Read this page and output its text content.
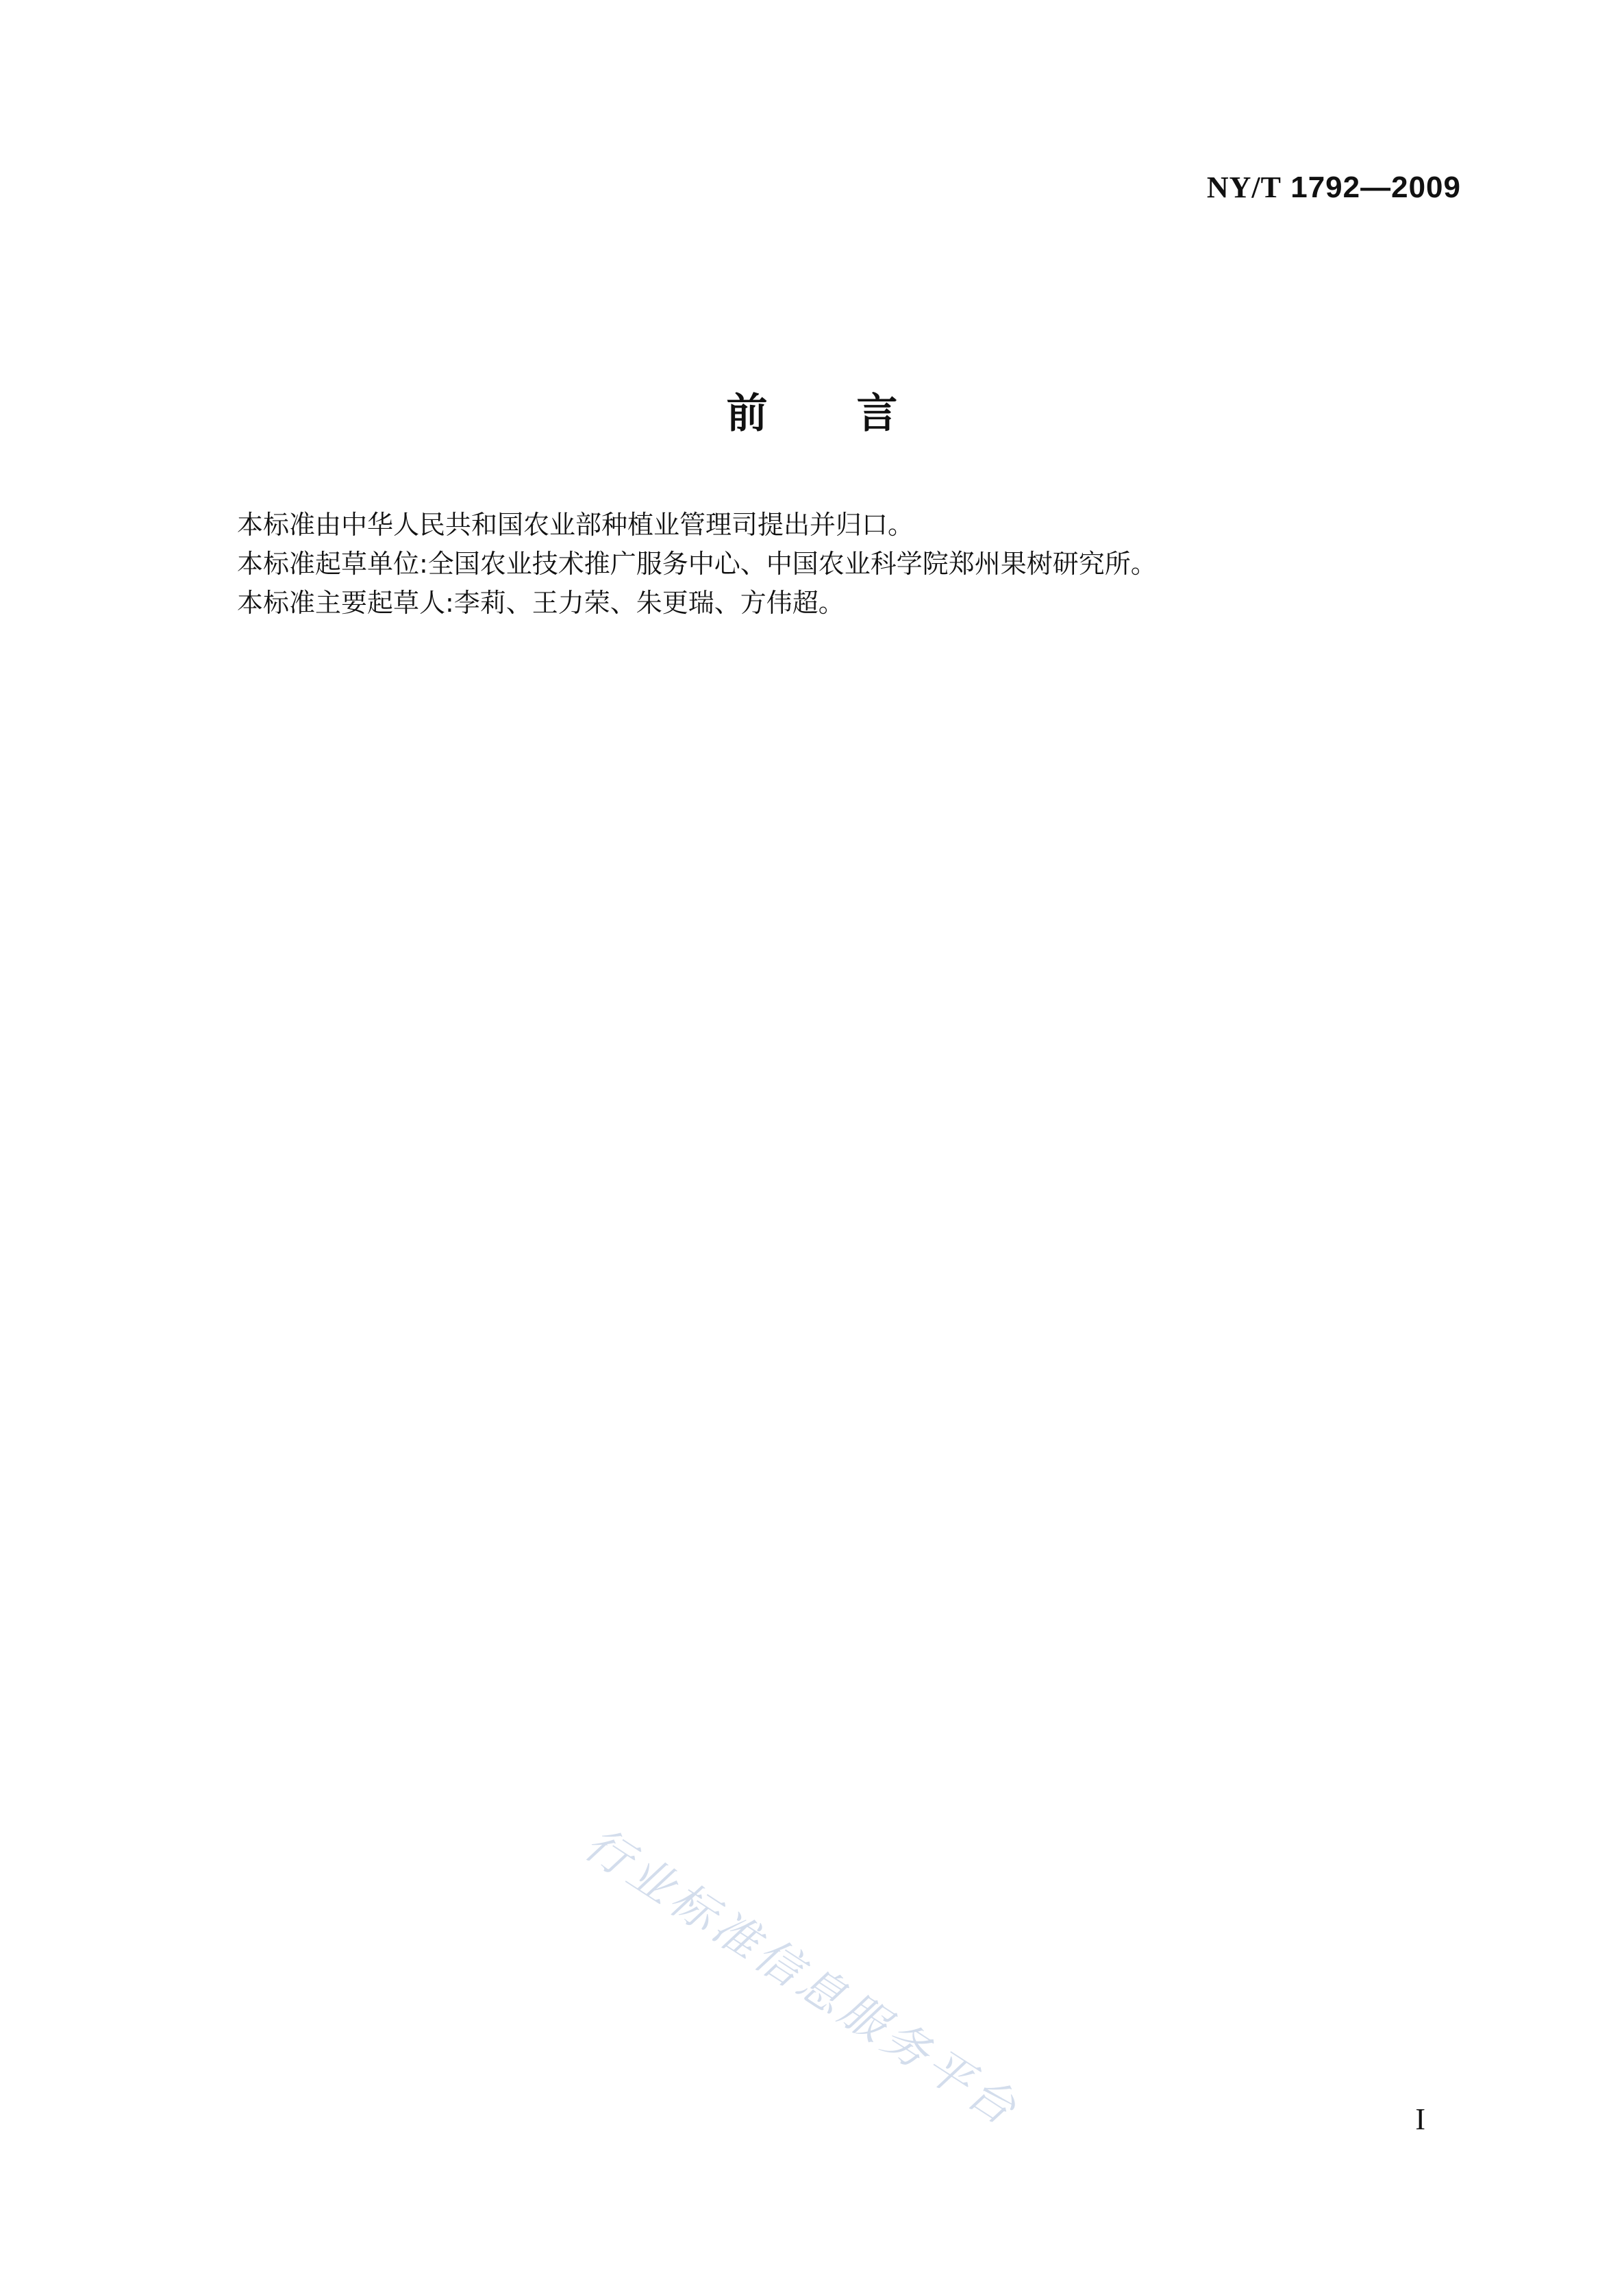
NY/T 1792—2009
前言

本标准由中华人民共和国农业部种植业管理司提出并归口。

本标准起草单位:全国农业技术推广服务中心、中国农业科学院郑州果树研究所。

本标准主要起草人:李莉、王力荣、朱更瑞、方伟超。

行业标准信息服务平台	I
